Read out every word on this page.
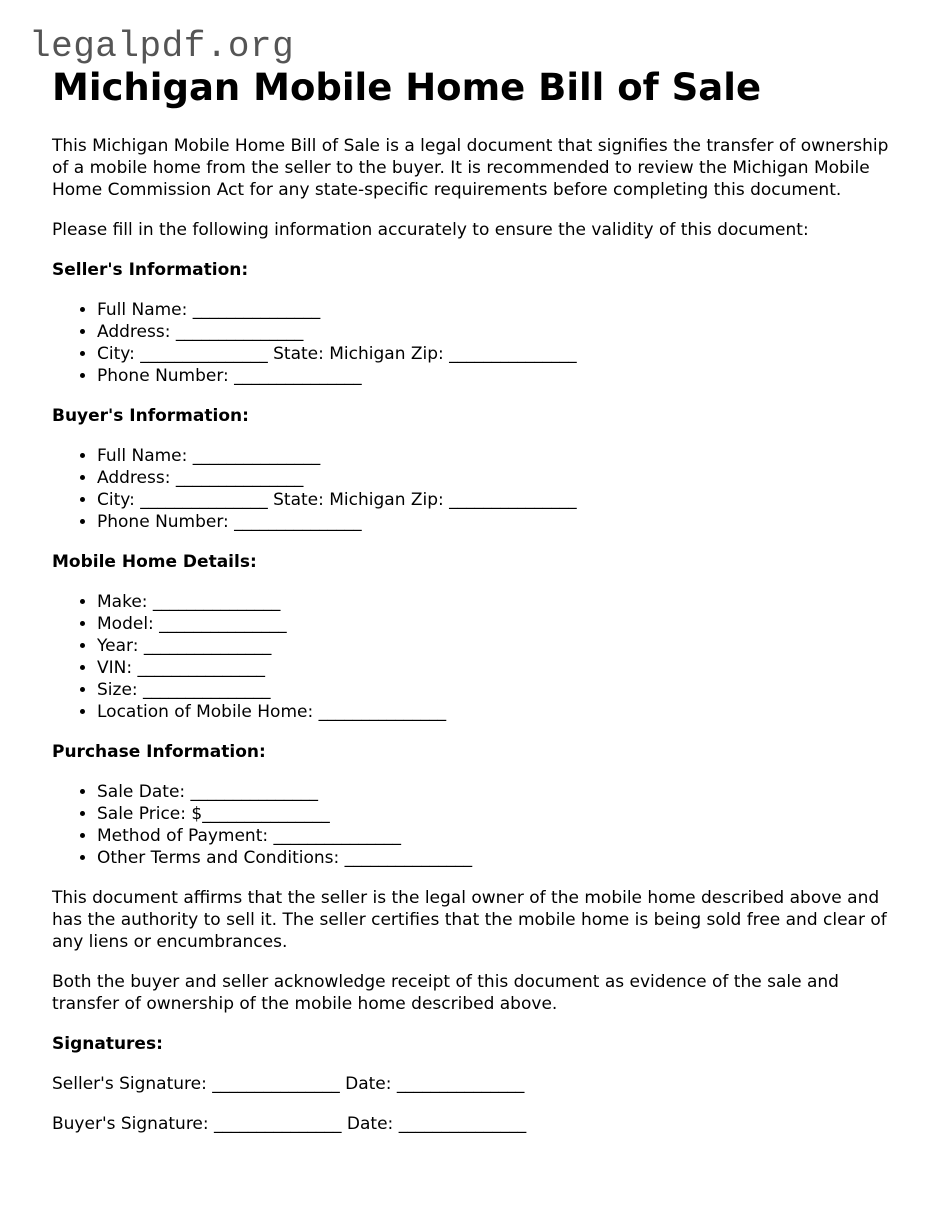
legalpdf.org
Michigan Mobile Home Bill of Sale

This Michigan Mobile Home Bill of Sale is a legal document that signifies the transfer of ownership of a mobile home from the seller to the buyer. It is recommended to review the Michigan Mobile Home Commission Act for any state-specific requirements before completing this document.

Please fill in the following information accurately to ensure the validity of this document:

Seller's Information:
• Full Name: _______________
• Address: _______________
• City: _______________ State: Michigan Zip: _______________
• Phone Number: _______________
Buyer's Information:
• Full Name: _______________
• Address: _______________
• City: _______________ State: Michigan Zip: _______________
• Phone Number: _______________
Mobile Home Details:
• Make: _______________
• Model: _______________
• Year: _______________
• VIN: _______________
• Size: _______________
• Location of Mobile Home: _______________
Purchase Information:
• Sale Date: _______________
• Sale Price: $_______________
• Method of Payment: _______________
• Other Terms and Conditions: _______________

This document affirms that the seller is the legal owner of the mobile home described above and has the authority to sell it. The seller certifies that the mobile home is being sold free and clear of any liens or encumbrances.

Both the buyer and seller acknowledge receipt of this document as evidence of the sale and transfer of ownership of the mobile home described above.

Signatures:
Seller's Signature: _______________ Date: _______________
Buyer's Signature: _______________ Date: _______________
